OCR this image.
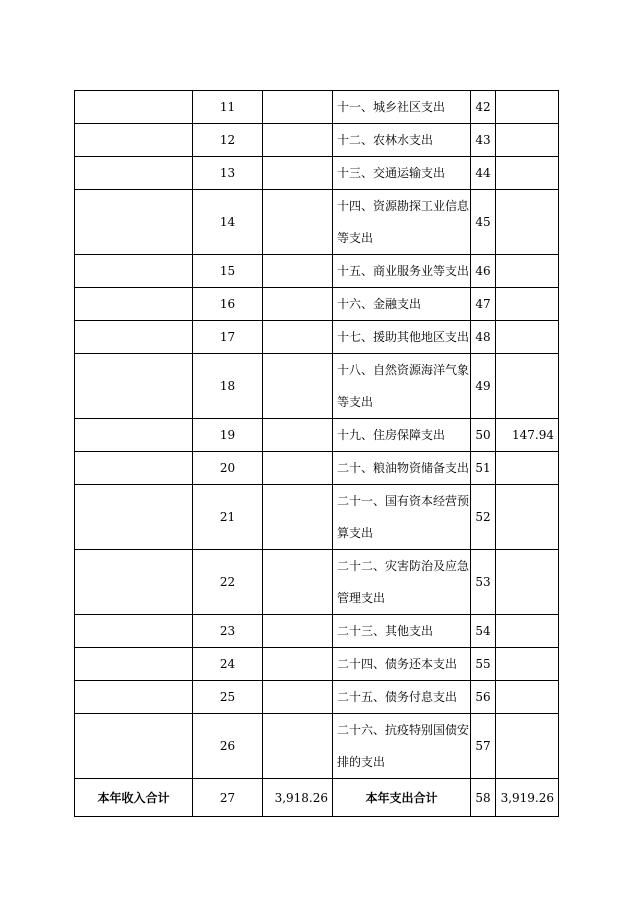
	11		十一、城乡社区支出	42	
	12		十二、农林水支出	43	
	13		十三、交通运输支出	44	
	14		十四、资源勘探工业信息等支出	45	
	15		十五、商业服务业等支出	46	
	16		十六、金融支出	47	
	17		十七、援助其他地区支出	48	
	18		十八、自然资源海洋气象等支出	49	
	19		十九、住房保障支出	50	147.94
	20		二十、粮油物资储备支出	51	
	21		二十一、国有资本经营预算支出	52	
	22		二十二、灾害防治及应急管理支出	53	
	23		二十三、其他支出	54	
	24		二十四、债务还本支出	55	
	25		二十五、债务付息支出	56	
	26		二十六、抗疫特别国债安排的支出	57	
本年收入合计	27	3,918.26	本年支出合计	58	3,919.26
